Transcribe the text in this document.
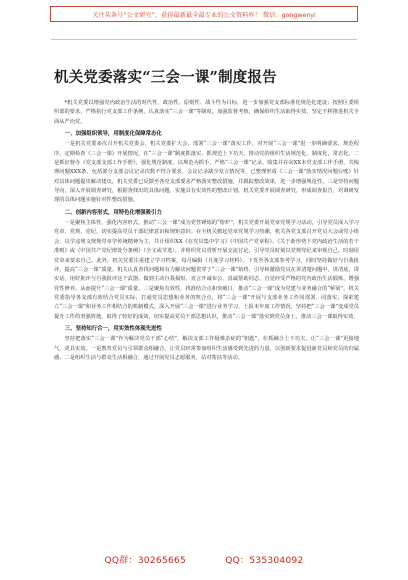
关注头条号“公文研究”，获得最新最全最专业的公文资料库！ 微信：gongwenyi
机关党委落实“三会一课”制度报告

*机关党委以增强党内政治生活的时代性、政治性、原则性、战斗性为目标，进一步加强党支部标准化规范化建设；按照区委组织部的要求，严格执行党支部工作条例，认真落实“三会一课”等制度，加强监督考核，确保组织生活取得实效，坚定不移推进机关全面从严治党。

一、加强组织领导，用制度化保障常态化

一是机关党委多次召开机关党委会、机关党委扩大会，部署“三会一课”落实工作，对开展“三会一课”进一步明确要求，规范程序，定期检查《三会一课》开展情况，在“三会一课”制度抓落实、抓规范上下功夫，推动党的组织生活规范化、制度化，常态化。二是抓好督办《党支部支部工作手册》，强化规范制度，以规范为抓手，严格“三会一课”记录。收集并在向XX本党支部工作手册，共梳理问题XXX条，包括部分支部会议记录次数不符合要求、会议记录缺少发言情况等，已整理形成《三会一课”落实情况问题台账》针对具体问题提出解决建议，机关党委已反馈至各党支部要求严格落实整改措施，并跟踪整改效果，进一步增强规范性。三是坚持问题导向，深入开展调查研究，根据查找出的具体问题，实施具有实效性的整改计划，机关党委开展调查研究，形成调查报告，对调研发现的具体问题实施针对性整改措施。

二、创新内容形式，用特色化增强吸引力

一是聚焦主体性，强化内容形式。推动“三会一课”成为党性锤炼的“熔炉”，机关党委开展党章党规学习活动，引导党员深入学习党章、党规、党纪，切实提高党员干部纪律意识和规矩意识；在全机关掀起党章党规学习热潮。机关各党支部召开党员大会或党小组会，以学违规文规规党章学传统精神为主，共计组织XX《在党员集中学习》《中国共产党章程》、《关于新形势下党内政治生活的若干准则》或《中国共产党纪律处分条例》（全文或节选），并组织党员赏析开展交流讨论，引导党员时刻以党规党纪来审视自己，时刻用党章来要求自己。此外，机关党委注重建立学习档案，每月编辑《月度学习材料》，下发至各支部参考学习，同时坚持做好与自我批评，提高“三会一课”质量。机关认真查找问题和有力解决问题贯穿于“三会一课”始终，引导和激励党员在讲清楚问题中，讲清底，讲实话，用好批评与自我批评这个武器，做到主动自我揭短、直言开诚布公、真诚帮助同志，自觉经受严格的党内政治生活锻炼，增强党性修养。从而提升“三会一课”质量。二是聚焦有效性，找准结合点和突破口，推动“三会一课”成为党建与业务融合的“桥梁”。机关党委指导各支部有效结合党员实际，打通党员思想和业务的契合点，将“三会一课”开展与支部业务工作同部署、同落实，探索建立“三会一课”和业务工作相结合的机制模式，深入开展“三会一课”进行业务学习、上报本年度工作情况，坚持把“三会一课”变成党员提升工作的坚强阵地，取得了较好的成效，切实提高党员干部思想认识，推动“三会一课”落实到党员身上，推动三会一课取得实效。

三、坚持知行合一，用实效性体现先进性

坚持把落实“三会一课”作为解决党员干部“心结”，解决支部工作疑难杂症的“钥匙”，在抓融合上下功夫，让“三会一课”更接地气、更具实效。一是教育党员与引领群众相融合，让党员经常参加组织生活感受到先进的力量，以创新要求促进新党员和党员的归属感。二是组织生活与群众生活相融合，通过开展党员志愿服务，站对帮扶等活动。

QQ群：30265665	QQ：535304092
